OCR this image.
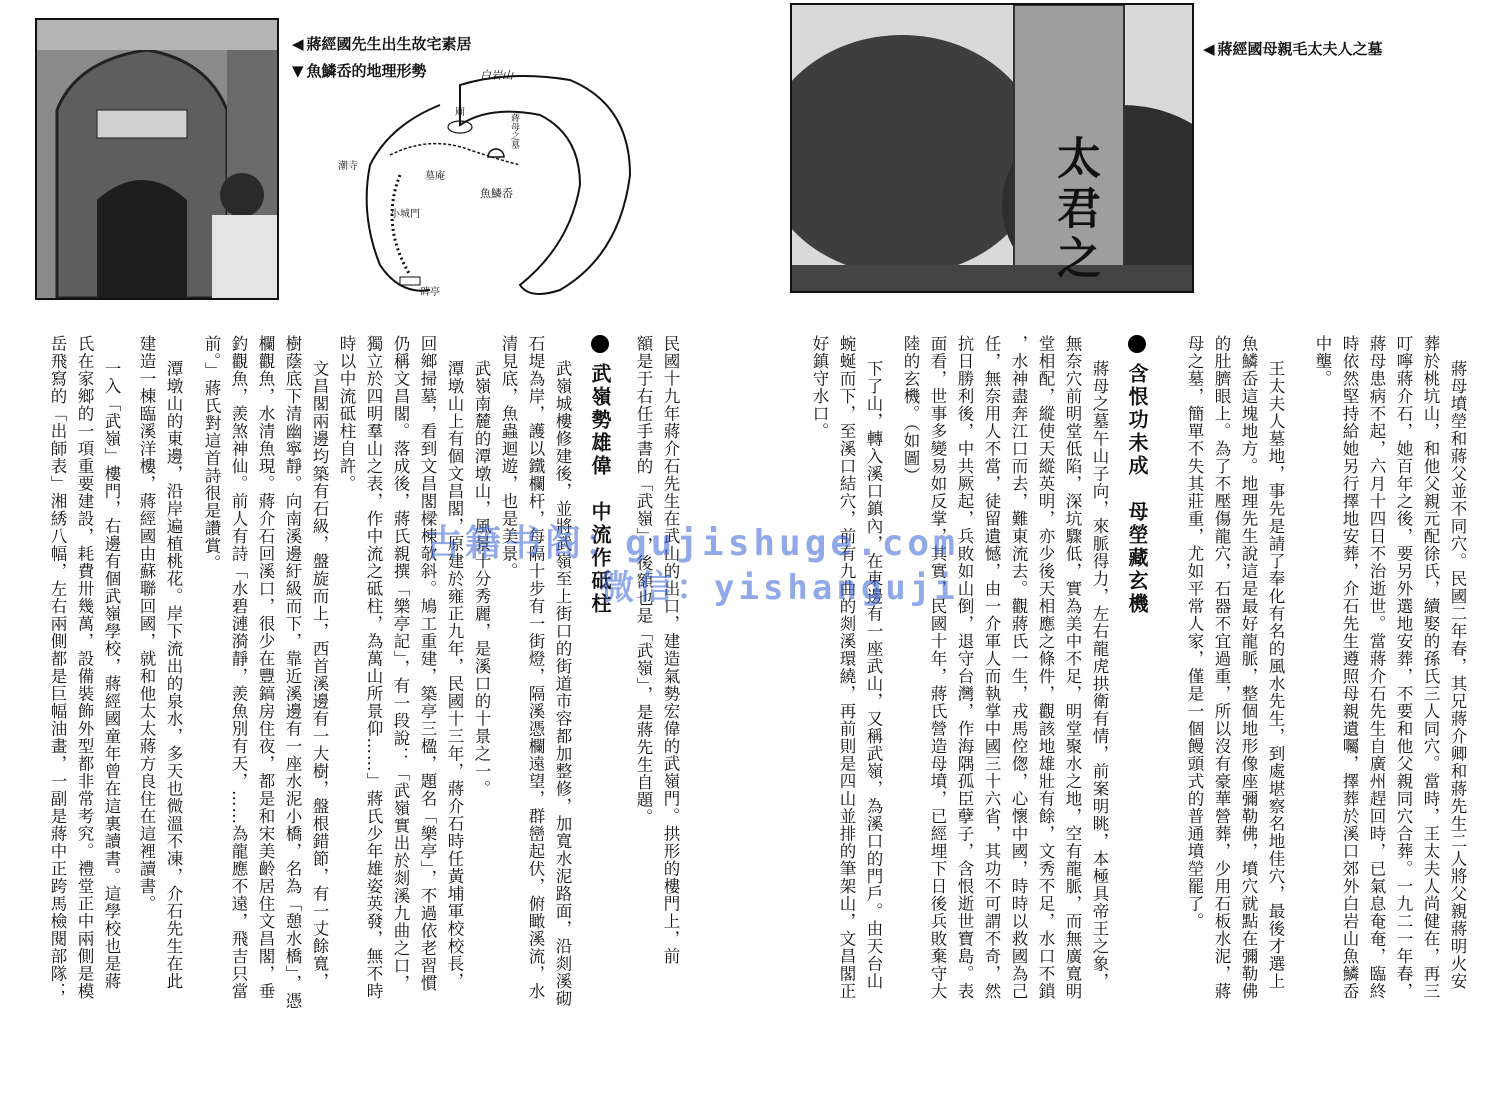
◀ 蔣經國先生出生故宅素居
▼ 魚鱗岙的地理形勢	白岩山
廟
蔣母之墓
潮寺
墓庵
魚鱗岙
小城門
碑亭
太君之
◀ 蔣經國母親毛太夫人之墓
民國十九年蔣介石先生在武山的出口，建造氣勢宏偉的武嶺門。拱形的樓門上，前
額是于右任手書的「武嶺」，後額也是「武嶺」，是蔣先生自題。
武嶺勢雄偉　中流作砥柱
武嶺城樓修建後，並將武嶺至上街口的街道市容都加整修，加寬水泥路面，沿剡溪砌
石堤為岸，護以鐵欄杆，每隔十步有一街燈，隔溪憑欄遠望，群巒起伏，俯瞰溪流，水
清見底，魚蟲迴遊，也是美景。
武嶺南麓的潭墩山，風景十分秀麗，是溪口的十景之一。
潭墩山上有個文昌閣，原建於雍正九年，民國十三年，蔣介石時任黃埔軍校校長，
回鄉掃墓，看到文昌閣樑棟欹斜。鳩工重建，築亭三楹，題名「樂亭」，不過依老習慣
仍稱文昌閣。落成後，蔣氏親撰「樂亭記」，有一段說：「武嶺實出於剡溪九曲之口，
獨立於四明羣山之表，作中流之砥柱，為萬山所景仰……」蔣氏少年雄姿英發，無不時
時以中流砥柱自許。
文昌閣兩邊均築有石級，盤旋而上，西首溪邊有一大樹，盤根錯節，有一丈餘寬，
樹蔭底下清幽寧靜。向南溪邊紆級而下，靠近溪邊有一座水泥小橋，名為「憩水橋」，憑
欄觀魚，水清魚現。蔣介石回溪口，很少在豐鎬房住夜，都是和宋美齡居住文昌閣，垂
釣觀魚，羨煞神仙。前人有詩「水碧漣漪靜，羨魚別有天，……為龍應不遠，飛吉只當
前。」蔣氏對這首詩很是讚賞。
潭墩山的東邊，沿岸遍植桃花。岸下流出的泉水，多天也微溫不凍，介石先生在此
建造一棟臨溪洋樓，蔣經國由蘇聯回國，就和他太太蔣方良住在這裡讀書。
一入「武嶺」樓門，右邊有個武嶺學校，蔣經國童年曾在這裏讀書。這學校也是蔣
氏在家鄉的一項重要建設，耗費卅幾萬，設備裝飾外型都非常考究。禮堂正中兩側是模
岳飛寫的「出師表」湘綉八幅，左右兩側都是巨幅油畫，一副是蔣中正跨馬檢閱部隊；	蔣母墳塋和蔣父並不同穴。民國二年春，其兄蔣介卿和蔣先生二人將父親蔣明火安
葬於桃坑山，和他父親元配徐氏，續娶的孫氏三人同穴。當時，王太夫人尚健在，再三
叮嚀蔣介石，她百年之後，要另外選地安葬，不要和他父親同穴合葬。一九二一年春，
蔣母患病不起，六月十四日不治逝世。當蔣介石先生自廣州趕回時，已氣息奄奄，臨終
時依然堅持給她另行擇地安葬，介石先生遵照母親遺囑，擇葬於溪口郊外白岩山魚鱗岙
中壟。
王太夫人墓地，事先是請了奉化有名的風水先生，到處堪察名地佳穴，最後才選上
魚鱗岙這塊地方。地理先生說這是最好龍脈，整個地形像座彌勒佛，墳穴就點在彌勒佛
的肚臍眼上。為了不壓傷龍穴，石器不宜過重，所以沒有豪華營葬，少用石板水泥，蔣
母之墓，簡單不失其莊重，尤如平常人家，僅是一個饅頭式的普通墳塋罷了。
含恨功未成　母塋藏玄機
蔣母之墓午山子向，來脈得力，左右龍虎拱衛有情，前案明眺，本極具帝王之象，
無奈穴前明堂低陷，深坑驟低，實為美中不足，明堂聚水之地，空有龍脈，而無廣寬明
堂相配，縱使天縱英明，亦少後天相應之條件，觀該地雄壯有餘，文秀不足，水口不鎖
，水神盡奔江口而去，難東流去。觀蔣氏一生，戎馬倥偬，心懷中國，時時以救國為己
任，無奈用人不當，徒留遺憾，由一介軍人而執掌中國三十六省，其功不可謂不奇，然
抗日勝利後，中共厥起，兵敗如山倒，退守台灣，作海隅孤臣孽子，含恨逝世寶島。表
面看，世事多變易如反掌，其實，民國十年，蔣氏營造母墳，已經埋下日後兵敗棄守大
陸的玄機。（如圖）
下了山，轉入溪口鎮內，在東邊有一座武山，又稱武嶺，為溪口的門戶。由天台山
蜿蜒而下，至溪口結穴，前有九曲的剡溪環繞，再前則是四山並排的筆架山，文昌閣正
好鎮守水口。
古籍书阁：gujishuge.com
微信：yishanguji
